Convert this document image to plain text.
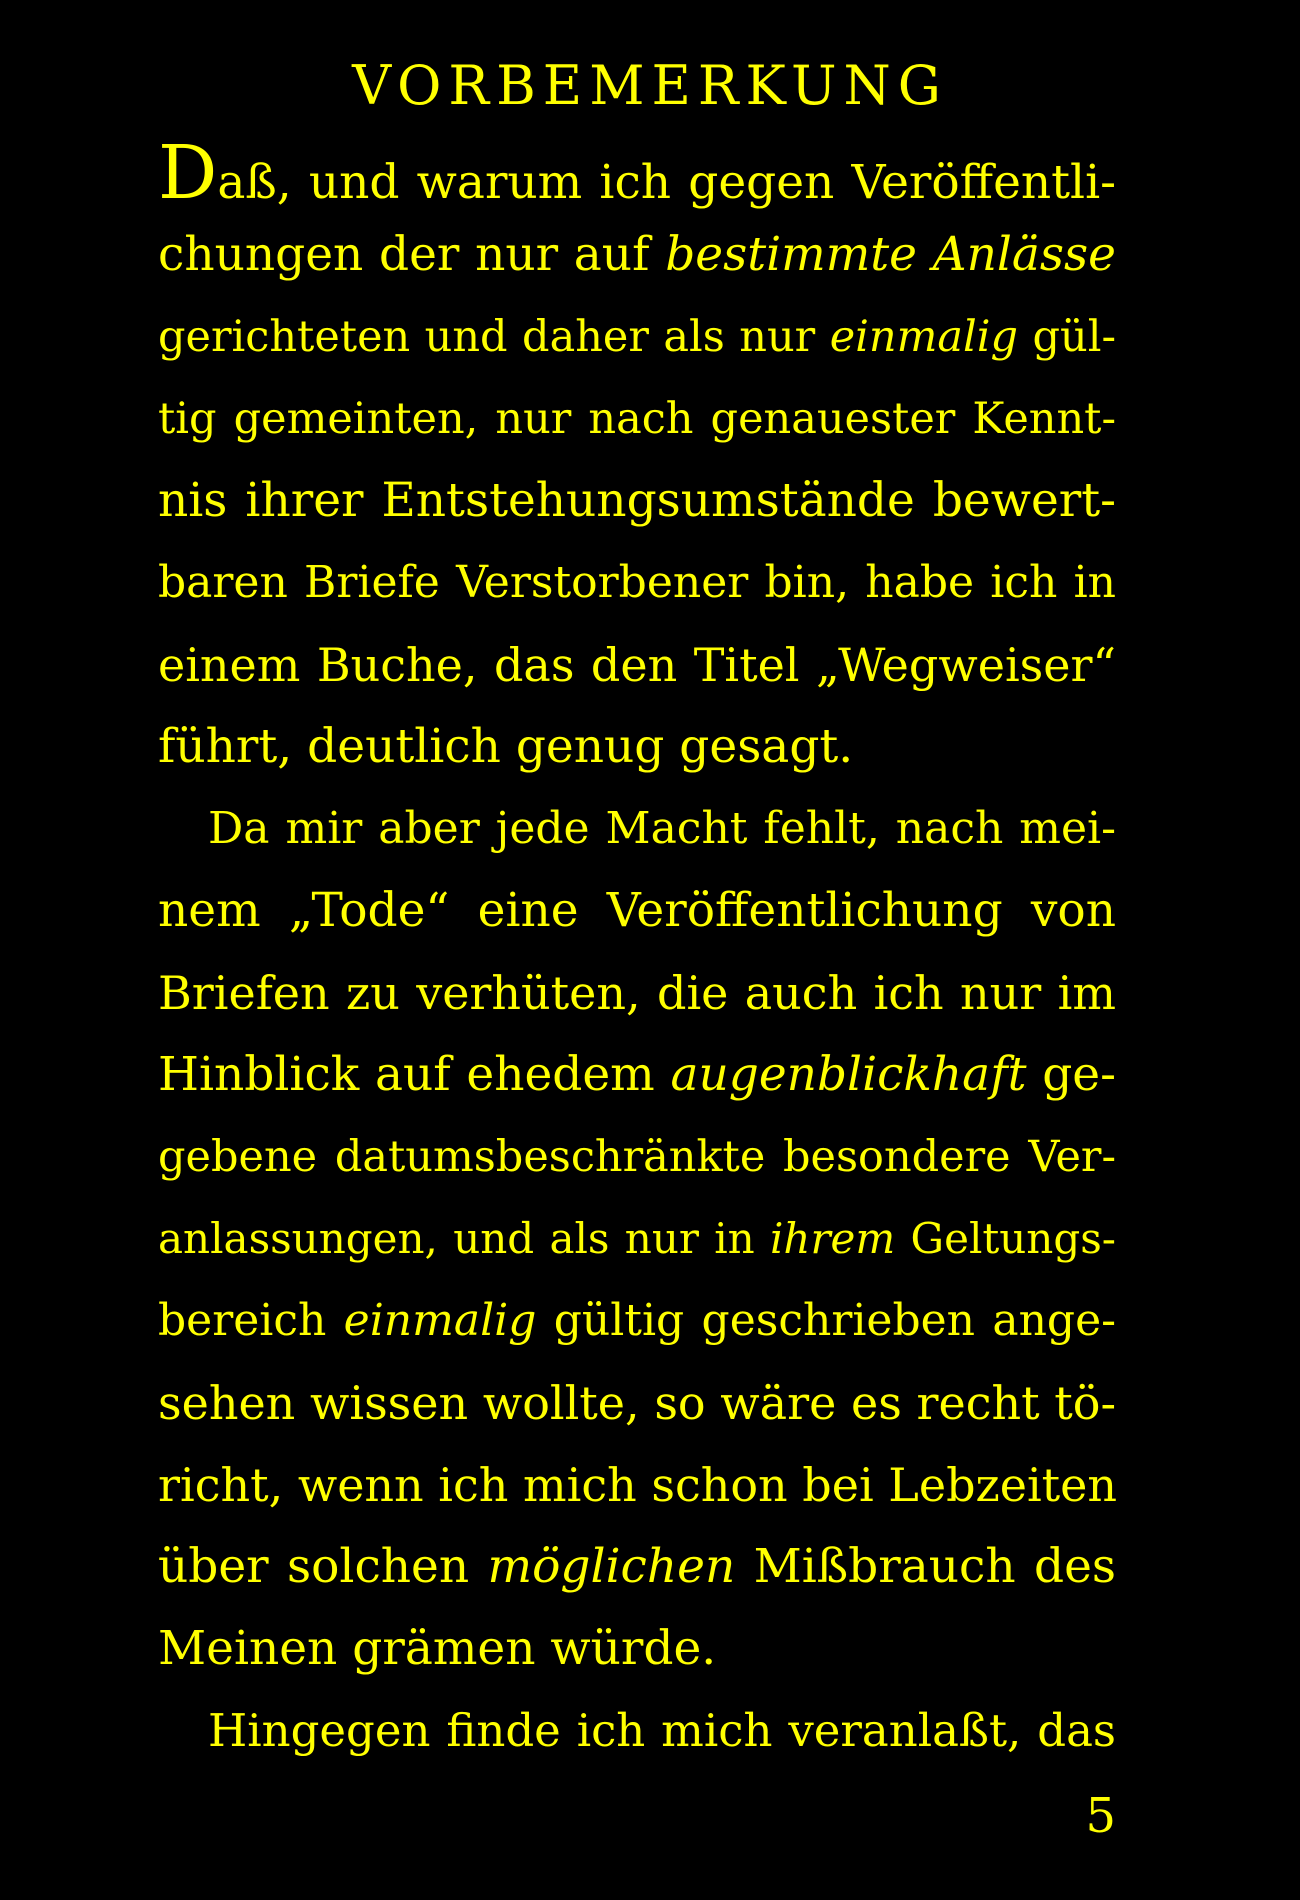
VORBEMERKUNG
Daß, und warum ich gegen Veröffentli-
chungen der nur auf bestimmte Anlässe
gerichteten und daher als nur einmalig gül-
tig gemeinten, nur nach genauester Kennt-
nis ihrer Entstehungsumstände bewert-
baren Briefe Verstorbener bin, habe ich in
einem Buche, das den Titel „Wegweiser“
führt, deutlich genug gesagt.
Da mir aber jede Macht fehlt, nach mei-
nem „Tode“ eine Veröffentlichung von
Briefen zu verhüten, die auch ich nur im
Hinblick auf ehedem augenblickhaft ge-
gebene datumsbeschränkte besondere Ver-
anlassungen, und als nur in ihrem Geltungs-
bereich einmalig gültig geschrieben ange-
sehen wissen wollte, so wäre es recht tö-
richt, wenn ich mich schon bei Lebzeiten
über solchen möglichen Mißbrauch des
Meinen grämen würde.
Hingegen finde ich mich veranlaßt, das
5
